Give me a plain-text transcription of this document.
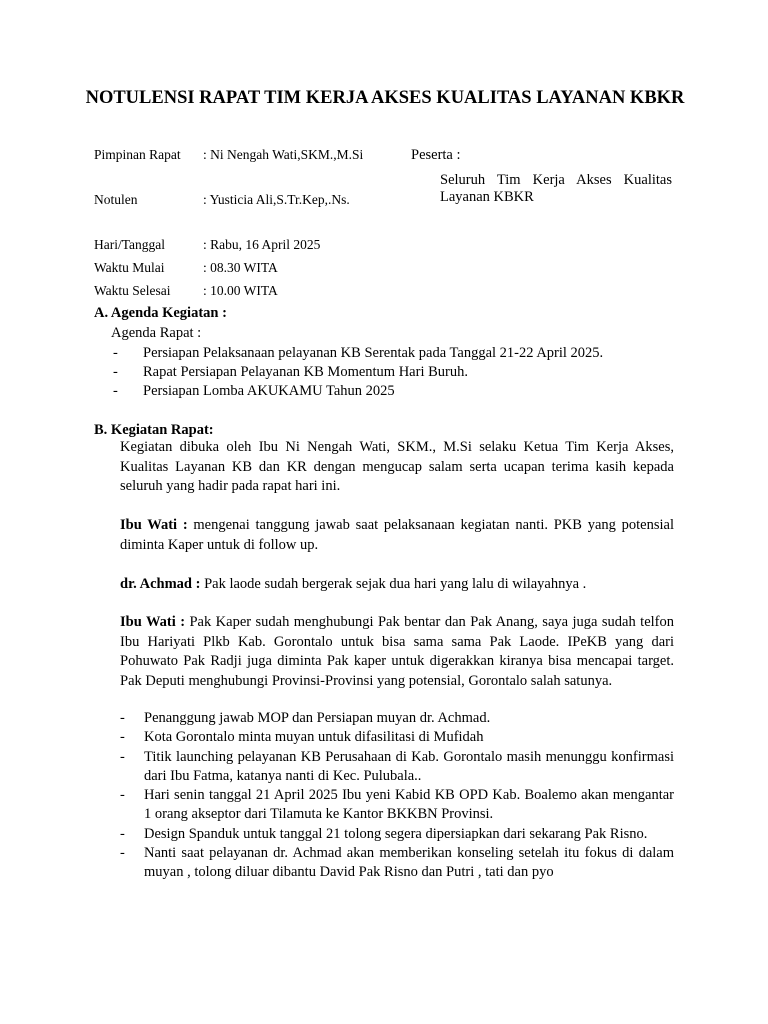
NOTULENSI RAPAT TIM KERJA AKSES KUALITAS LAYANAN KBKR
Pimpinan Rapat : Ni Nengah Wati,SKM.,M.Si	Peserta :
Seluruh Tim Kerja Akses Kualitas Layanan KBKR
Notulen	: Yusticia Ali,S.Tr.Kep,.Ns.
Hari/Tanggal	: Rabu, 16 April 2025
Waktu Mulai	: 08.30 WITA
Waktu Selesai : 10.00 WITA
A. Agenda Kegiatan :
Agenda Rapat :
- Persiapan Pelaksanaan pelayanan KB Serentak pada Tanggal 21-22 April 2025.
- Rapat Persiapan Pelayanan KB Momentum Hari Buruh.
- Persiapan Lomba AKUKAMU Tahun 2025
B. Kegiatan Rapat:

Kegiatan dibuka oleh Ibu Ni Nengah Wati, SKM., M.Si selaku Ketua Tim Kerja Akses, Kualitas Layanan KB dan KR dengan mengucap salam serta ucapan terima kasih kepada seluruh yang hadir pada rapat hari ini.

Ibu Wati : mengenai tanggung jawab saat pelaksanaan kegiatan nanti. PKB yang potensial diminta Kaper untuk di follow up.

dr. Achmad : Pak laode sudah bergerak sejak dua hari yang lalu di wilayahnya .

Ibu Wati : Pak Kaper sudah menghubungi Pak bentar dan Pak Anang, saya juga sudah telfon Ibu Hariyati Plkb Kab. Gorontalo untuk bisa sama sama Pak Laode. IPeKB yang dari Pohuwato Pak Radji juga diminta Pak kaper untuk digerakkan kiranya bisa mencapai target. Pak Deputi menghubungi Provinsi-Provinsi yang potensial, Gorontalo salah satunya.

- Penanggung jawab MOP dan Persiapan muyan dr. Achmad.
- Kota Gorontalo minta muyan untuk difasilitasi di Mufidah
- Titik launching pelayanan KB Perusahaan di Kab. Gorontalo masih menunggu konfirmasi dari Ibu Fatma, katanya nanti di Kec. Pulubala..
- Hari senin tanggal 21 April 2025 Ibu yeni Kabid KB OPD Kab. Boalemo akan mengantar 1 orang akseptor dari Tilamuta ke Kantor BKKBN Provinsi.
- Design Spanduk untuk tanggal 21 tolong segera dipersiapkan dari sekarang Pak Risno.
- Nanti saat pelayanan dr. Achmad akan memberikan konseling setelah itu fokus di dalam muyan , tolong diluar dibantu David Pak Risno dan Putri , tati dan pyo
